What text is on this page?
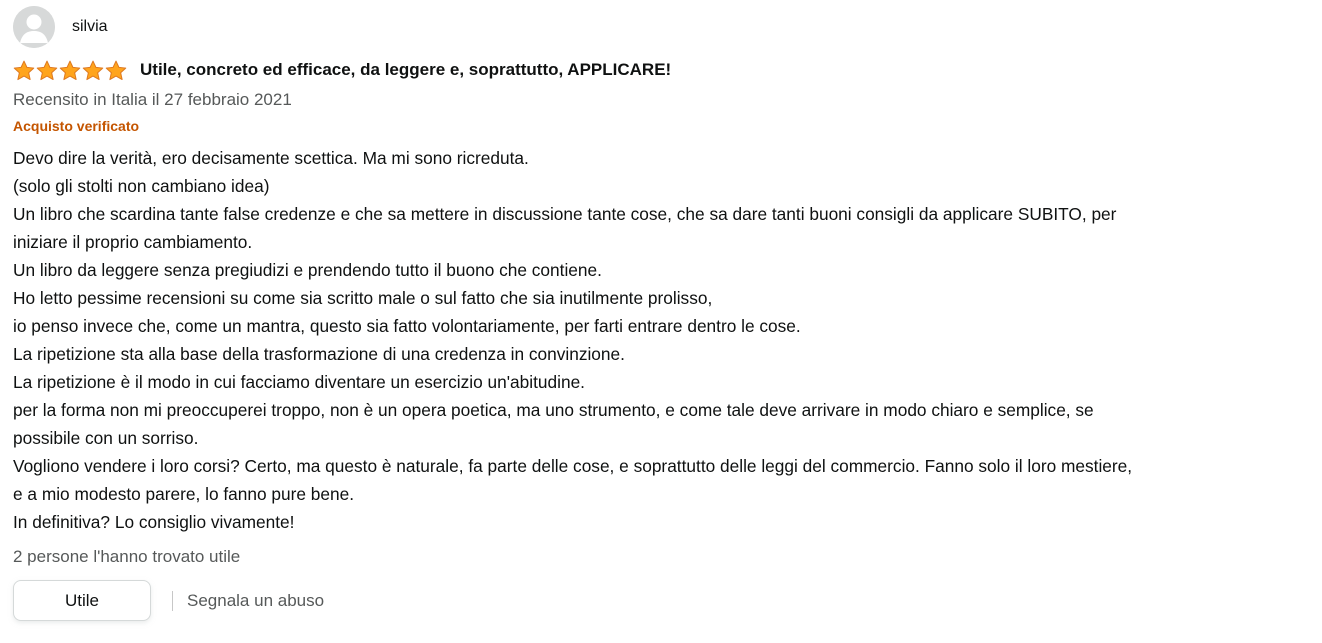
silvia
Utile, concreto ed efficace, da leggere e, soprattutto, APPLICARE!
Recensito in Italia il 27 febbraio 2021
Acquisto verificato
Devo dire la verità, ero decisamente scettica. Ma mi sono ricreduta.
(solo gli stolti non cambiano idea)
Un libro che scardina tante false credenze e che sa mettere in discussione tante cose, che sa dare tanti buoni consigli da applicare SUBITO, per
iniziare il proprio cambiamento.
Un libro da leggere senza pregiudizi e prendendo tutto il buono che contiene.
Ho letto pessime recensioni su come sia scritto male o sul fatto che sia inutilmente prolisso,
io penso invece che, come un mantra, questo sia fatto volontariamente, per farti entrare dentro le cose.
La ripetizione sta alla base della trasformazione di una credenza in convinzione.
La ripetizione è il modo in cui facciamo diventare un esercizio un'abitudine.
per la forma non mi preoccuperei troppo, non è un opera poetica, ma uno strumento, e come tale deve arrivare in modo chiaro e semplice, se
possibile con un sorriso.
Vogliono vendere i loro corsi? Certo, ma questo è naturale, fa parte delle cose, e soprattutto delle leggi del commercio. Fanno solo il loro mestiere,
e a mio modesto parere, lo fanno pure bene.
In definitiva? Lo consiglio vivamente!
2 persone l'hanno trovato utile
Utile	Segnala un abuso
